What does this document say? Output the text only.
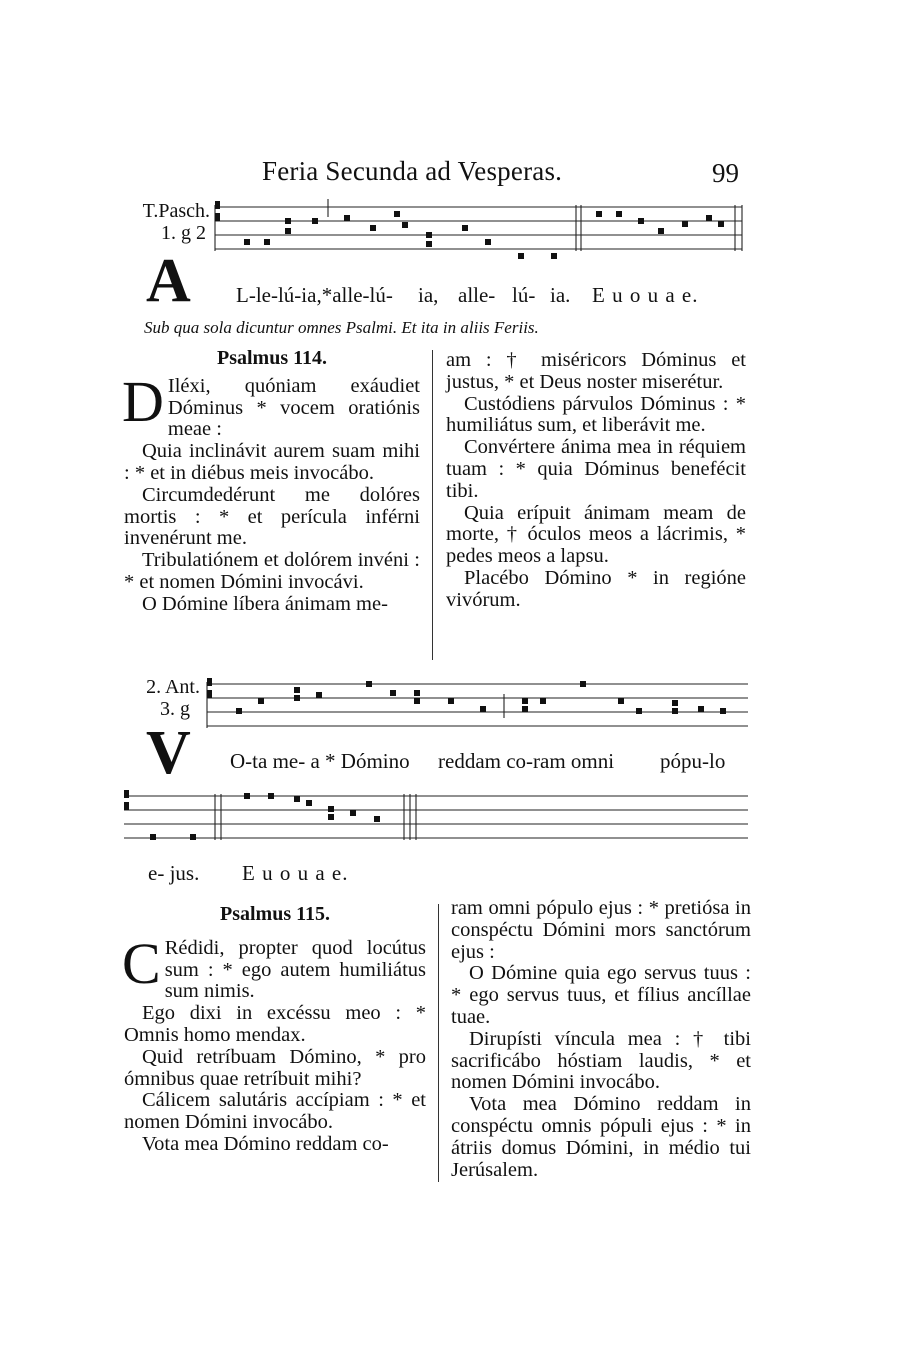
Feria Secunda ad Vesperas.	99
T.Pasch.
1. g 2
A L-le-lú-ia,*alle-lú- ia, alle- lú- ia. E u o u a e.
Sub qua sola dicuntur omnes Psalmi. Et ita in aliis Feriis.
Psalmus 114.

D Iléxi, quóniam exáudiet Dóminus * vocem oratiónis meae :

Quia inclinávit aurem suam mihi : * et in diébus meis invocábo.

Circumdedérunt me dolóres mortis : * et perícula inférni invenérunt me.

Tribulatiónem et dolórem invéni : * et nomen Dómini invocávi.

O Dómine líbera ánimam me-

am : † miséricors Dóminus et justus, * et Deus noster miserétur.

Custódiens párvulos Dóminus : * humiliátus sum, et liberávit me.

Convértere ánima mea in réquiem tuam : * quia Dóminus benefécit tibi.

Quia erípuit ánimam meam de morte, † óculos meos a lácrimis, * pedes meos a lapsu.

Placébo Dómino * in regióne vivórum.

2. Ant.
3. g
V O-ta me- a * Dómino reddam co-ram omni pópu-lo
e- jus. E u o u a e.
Psalmus 115.

C Rédidi, propter quod locútus sum : * ego autem humiliátus sum nimis.

Ego dixi in excéssu meo : * Omnis homo mendax.

Quid retríbuam Dómino, * pro ómnibus quae retríbuit mihi?

Cálicem salutáris accípiam : * et nomen Dómini invocábo.

Vota mea Dómino reddam co-

ram omni pópulo ejus : * pretiósa in conspéctu Dómini mors sanctórum ejus :

O Dómine quia ego servus tuus : * ego servus tuus, et fílius ancíllae tuae.

Dirupísti víncula mea : † tibi sacrificábo hóstiam laudis, * et nomen Dómini invocábo.

Vota mea Dómino reddam in conspéctu omnis pópuli ejus : * in átriis domus Dómini, in médio tui Jerúsalem.
